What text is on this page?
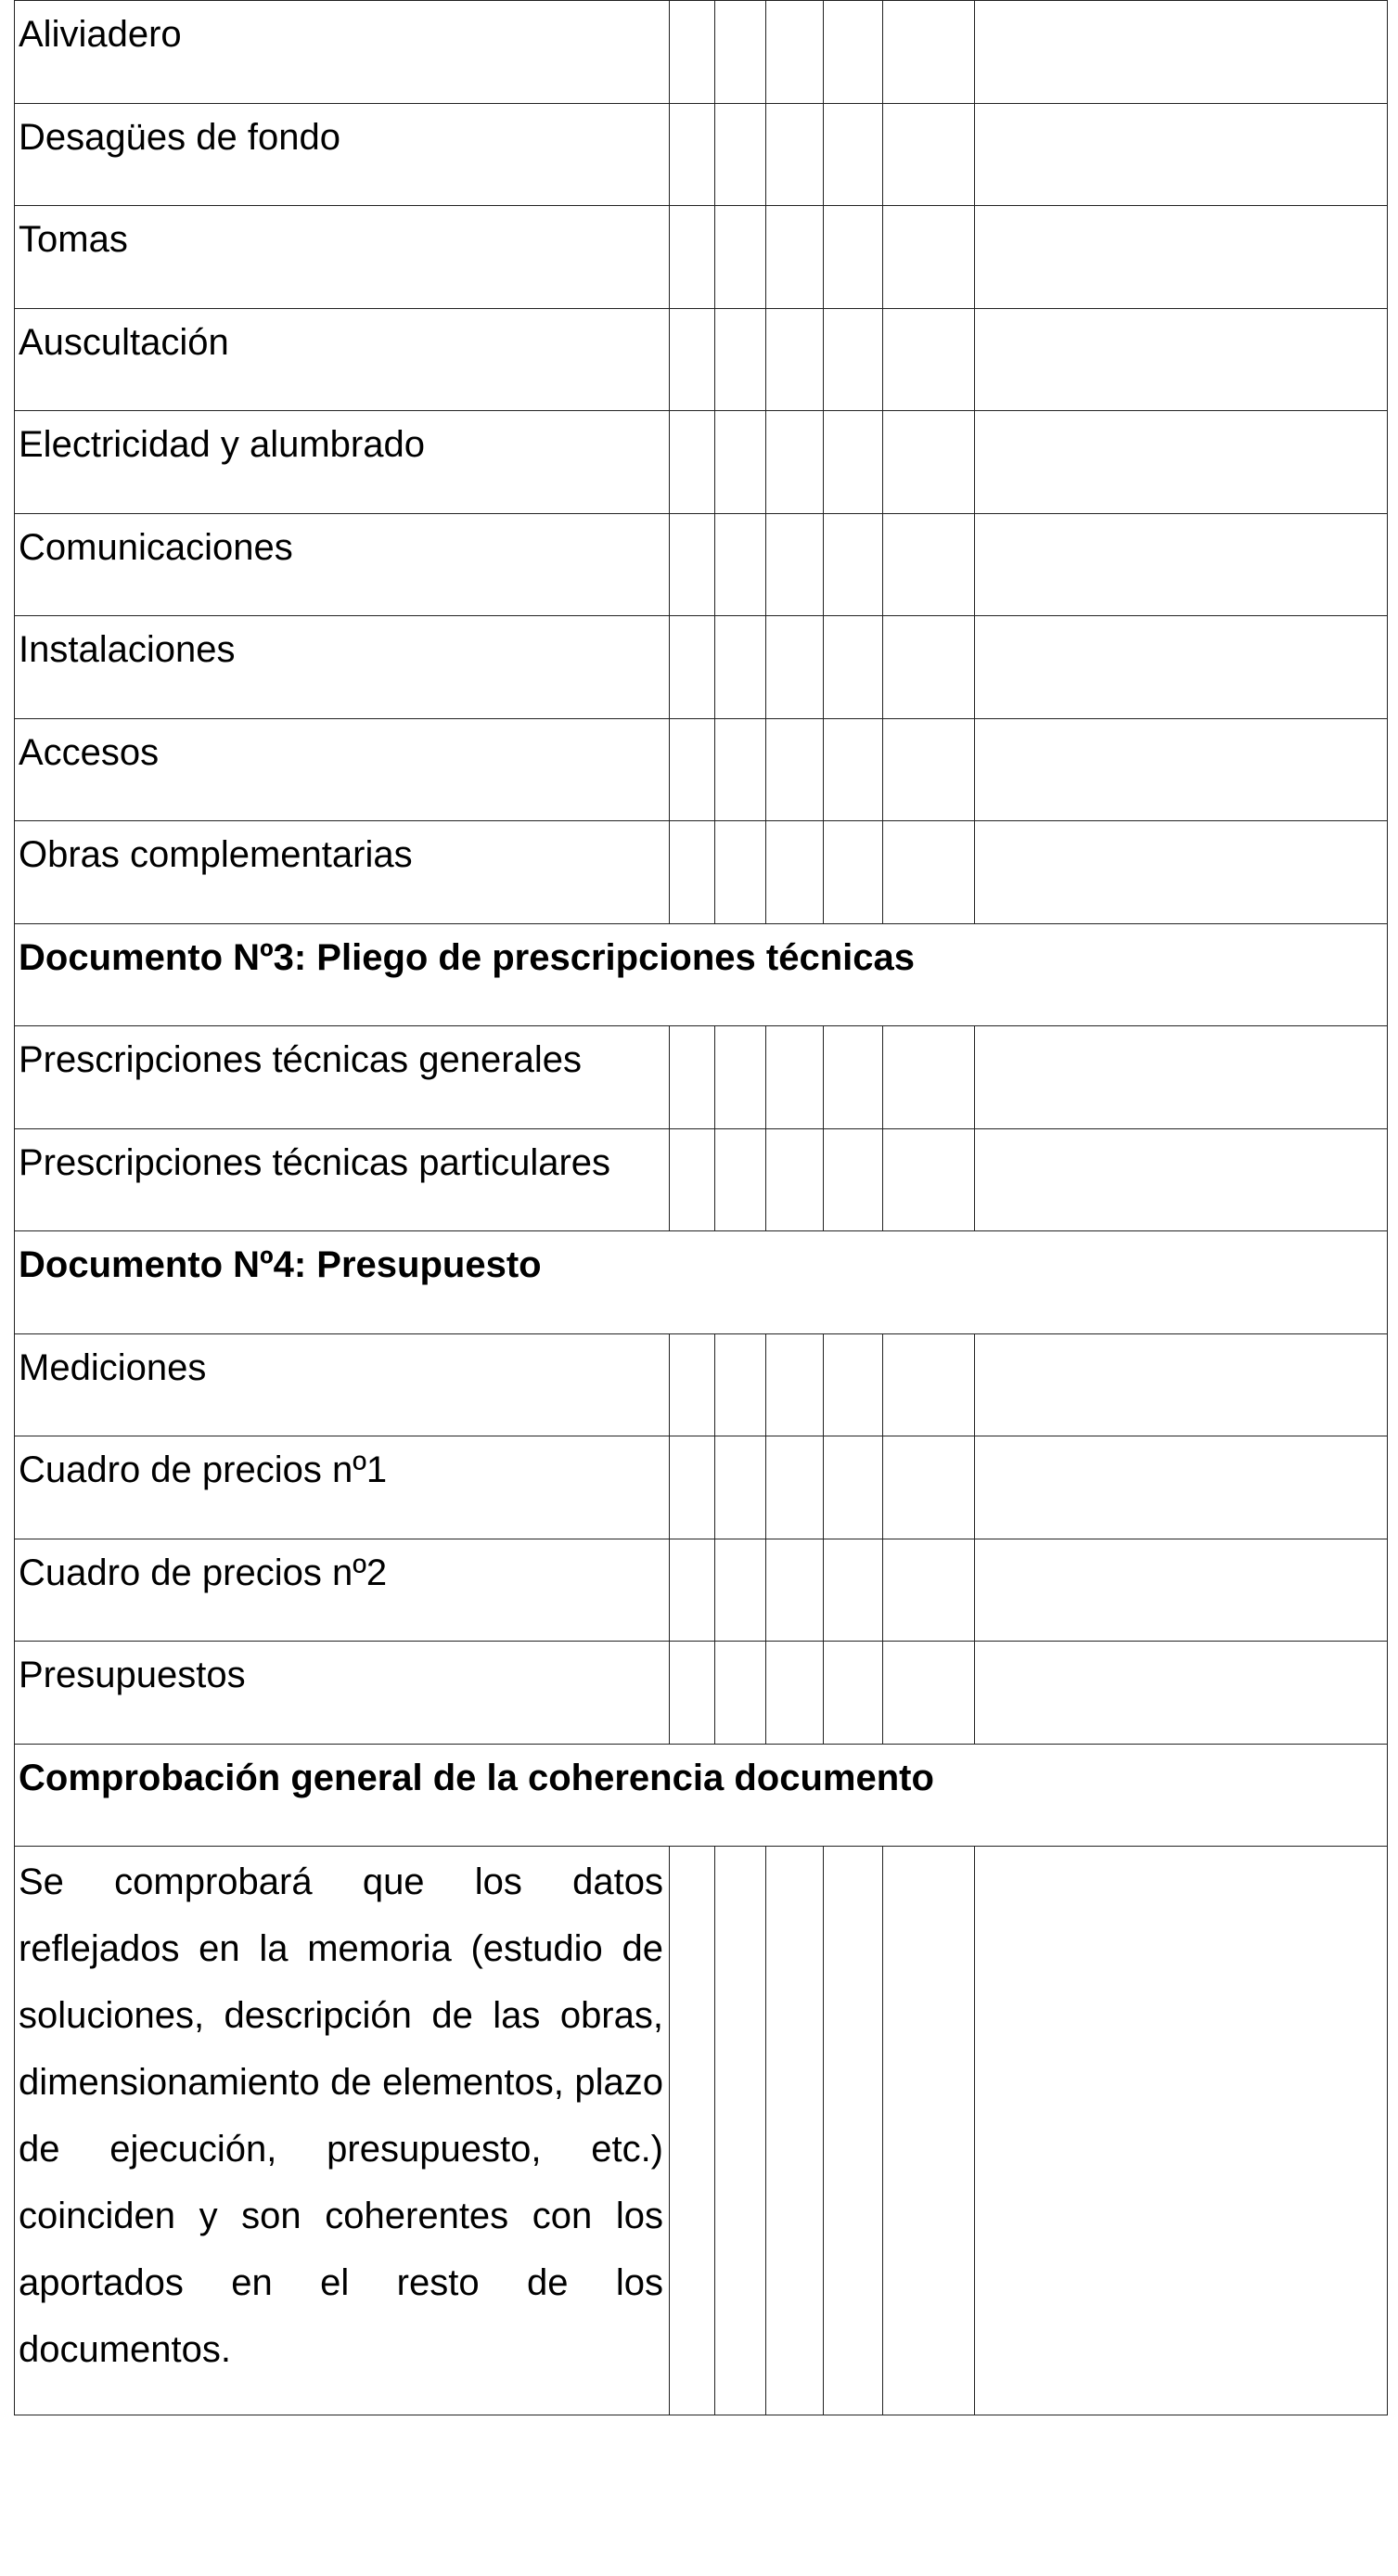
Aliviadero						

Desagües de fondo						

Tomas						

Auscultación						

Electricidad y alumbrado						

Comunicaciones						

Instalaciones						

Accesos						

Obras complementarias						

Documento Nº3: Pliego de prescripciones técnicas						

Prescripciones técnicas generales						

Prescripciones técnicas particulares						

Documento Nº4: Presupuesto						

Mediciones						

Cuadro de precios nº1						

Cuadro de precios nº2						

Presupuestos						

Comprobación general de la coherencia documento						

Se comprobará que los datos reflejados en la memoria (estudio de soluciones, descripción de las obras, dimensionamiento de elementos, plazo de ejecución, presupuesto, etc.) coinciden y son coherentes con los aportados en el resto de los documentos.						
